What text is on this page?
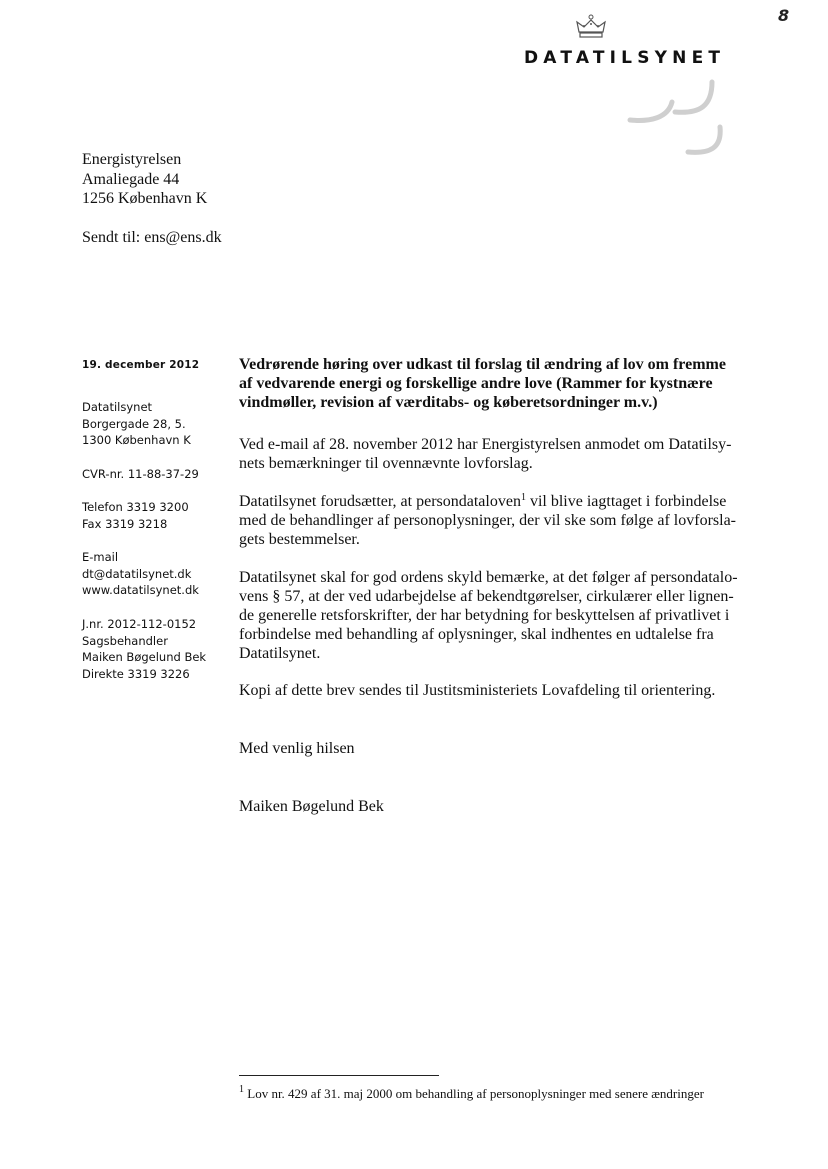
DATATILSYNET
8
Energistyrelsen
Amaliegade 44
1256 København K
Sendt til: ens@ens.dk
19. december 2012
Datatilsynet
Borgergade 28, 5.
1300 København K
CVR-nr. 11-88-37-29
Telefon 3319 3200
Fax 3319 3218
E-mail
dt@datatilsynet.dk
www.datatilsynet.dk
J.nr. 2012-112-0152
Sagsbehandler
Maiken Bøgelund Bek
Direkte 3319 3226
Vedrørende høring over udkast til forslag til ændring af lov om fremme
af vedvarende energi og forskellige andre love (Rammer for kystnære
vindmøller, revision af værditabs- og køberetsordninger m.v.)
Ved e-mail af 28. november 2012 har Energistyrelsen anmodet om Datatilsy-
nets bemærkninger til ovennævnte lovforslag.
Datatilsynet forudsætter, at persondataloven$^1$ vil blive iagttaget i forbindelse
med de behandlinger af personoplysninger, der vil ske som følge af lovforsla-
gets bestemmelser.
Datatilsynet skal for god ordens skyld bemærke, at det følger af persondatalo-
vens § 57, at der ved udarbejdelse af bekendtgørelser, cirkulærer eller lignen-
de generelle retsforskrifter, der har betydning for beskyttelsen af privatlivet i
forbindelse med behandling af oplysninger, skal indhentes en udtalelse fra
Datatilsynet.
Kopi af dette brev sendes til Justitsministeriets Lovafdeling til orientering.
Med venlig hilsen
Maiken Bøgelund Bek
$^1$ Lov nr. 429 af 31. maj 2000 om behandling af personoplysninger med senere ændringer
